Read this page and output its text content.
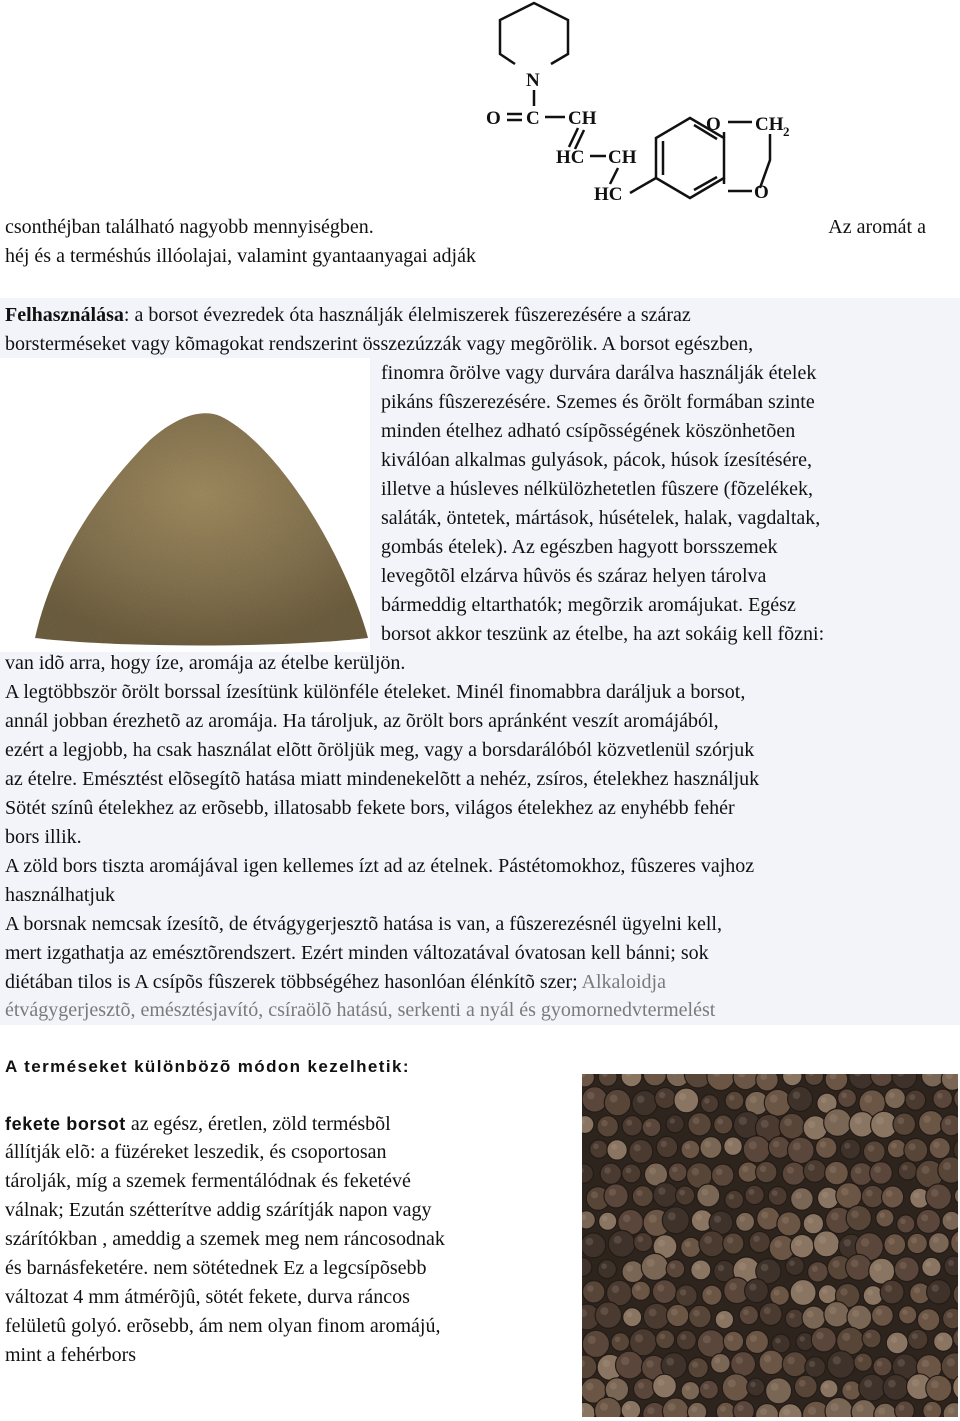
N
O C CH
HC CH
HC
O CH 2
O
csonthéjban található nagyobb mennyiségben.	Az aromát a
héj és a terméshús illóolajai, valamint gyantaanyagai adják
Felhasználása: a borsot évezredek óta használják élelmiszerek fûszerezésére a száraz
borsterméseket vagy kõmagokat rendszerint összezúzzák vagy megõrölik. A borsot egészben,
finomra õrölve vagy durvára darálva használják ételek
pikáns fûszerezésére. Szemes és õrölt formában szinte
minden ételhez adható csípõsségének köszönhetõen
kiválóan alkalmas gulyások, pácok, húsok ízesítésére,
illetve a húsleves nélkülözhetetlen fûszere (fõzelékek,
saláták, öntetek, mártások, húsételek, halak, vagdaltak,
gombás ételek). Az egészben hagyott borsszemek
levegõtõl elzárva hûvös és száraz helyen tárolva
bármeddig eltarthatók; megõrzik aromájukat. Egész
borsot akkor teszünk az ételbe, ha azt sokáig kell fõzni:
van idõ arra, hogy íze, aromája az ételbe kerüljön.
A legtöbbször õrölt borssal ízesítünk különféle ételeket. Minél finomabbra daráljuk a borsot,
annál jobban érezhetõ az aromája. Ha tároljuk, az õrölt bors apránként veszít aromájából,
ezért a legjobb, ha csak használat elõtt õröljük meg, vagy a borsdarálóból közvetlenül szórjuk
az ételre. Emésztést elõsegítõ hatása miatt mindenekelõtt a nehéz, zsíros, ételekhez használjuk
Sötét színû ételekhez az erõsebb, illatosabb fekete bors, világos ételekhez az enyhébb fehér
bors illik.
A zöld bors tiszta aromájával igen kellemes ízt ad az ételnek. Pástétomokhoz, fûszeres vajhoz
használhatjuk
A borsnak nemcsak ízesítõ, de étvágygerjesztõ hatása is van, a fûszerezésnél ügyelni kell,
mert izgathatja az emésztõrendszert. Ezért minden változatával óvatosan kell bánni; sok
diétában tilos is A csípõs fûszerek többségéhez hasonlóan élénkítõ szer; Alkaloidja
étvágygerjesztõ, emésztésjavító, csíraölõ hatású, serkenti a nyál és gyomornedvtermelést
A terméseket különbözõ módon kezelhetik:
fekete borsot az egész, éretlen, zöld termésbõl
állítják elõ: a füzéreket leszedik, és csoportosan
tárolják, míg a szemek fermentálódnak és feketévé
válnak; Ezután szétterítve addig szárítják napon vagy
szárítókban , ameddig a szemek meg nem ráncosodnak
és barnásfeketére. nem sötétednek Ez a legcsípõsebb
változat 4 mm átmérõjû, sötét fekete, durva ráncos
felületû golyó. erõsebb, ám nem olyan finom aromájú,
mint a fehérbors
